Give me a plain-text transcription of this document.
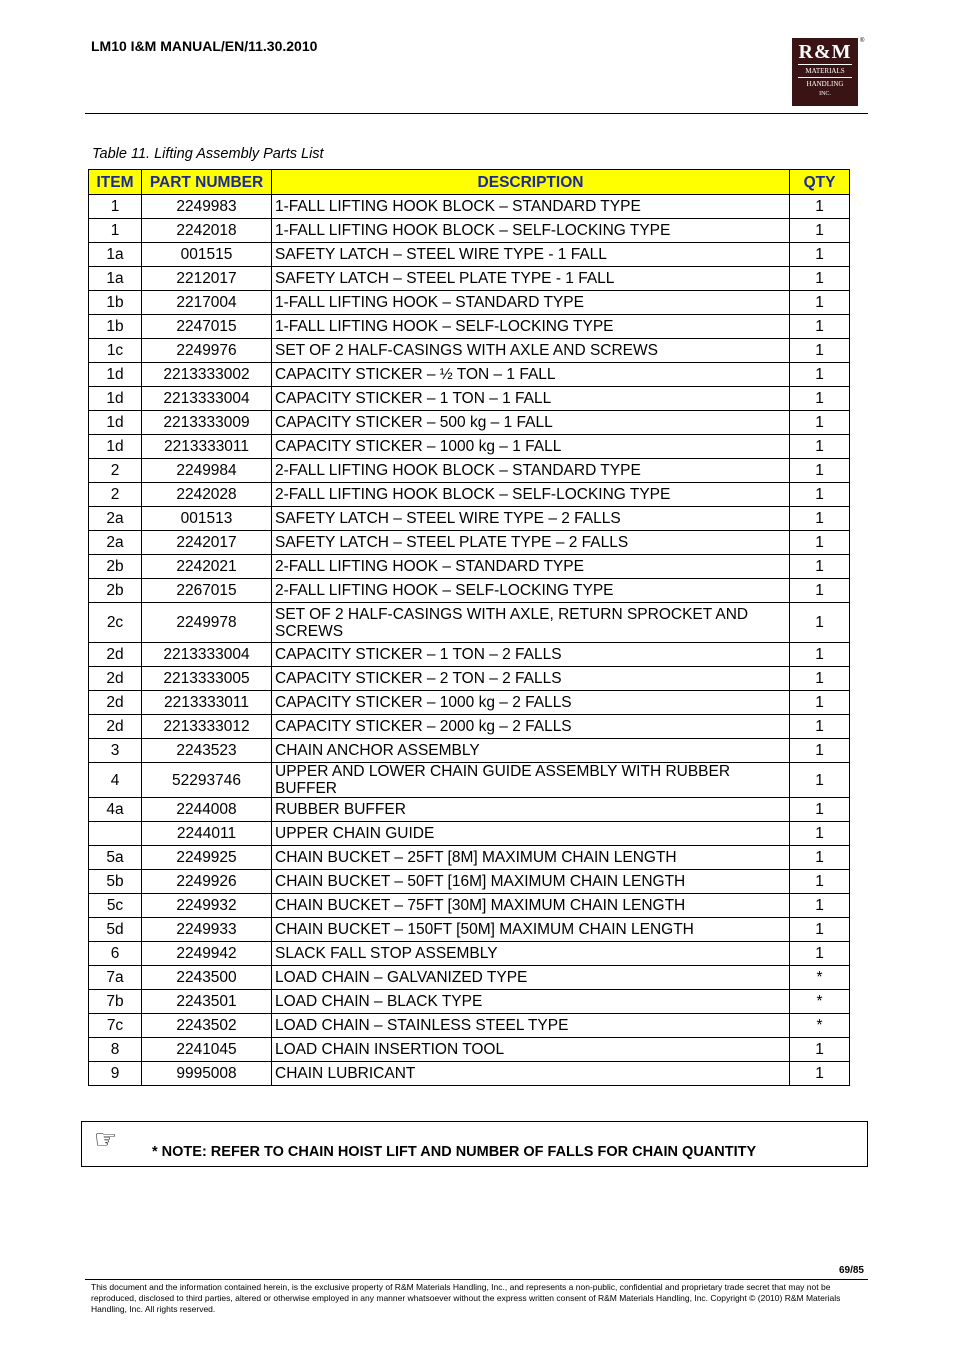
LM10 I&M MANUAL/EN/11.30.2010	R&M
MATERIALS
HANDLING
INC.
®
Table 11. Lifting Assembly Parts List
ITEM	PART NUMBER	DESCRIPTION	QTY
1	2249983	1-FALL LIFTING HOOK BLOCK – STANDARD TYPE	1
1	2242018	1-FALL LIFTING HOOK BLOCK – SELF-LOCKING TYPE	1
1a	001515	SAFETY LATCH – STEEL WIRE TYPE - 1 FALL	1
1a	2212017	SAFETY LATCH – STEEL PLATE TYPE - 1 FALL	1
1b	2217004	1-FALL LIFTING HOOK – STANDARD TYPE	1
1b	2247015	1-FALL LIFTING HOOK – SELF-LOCKING TYPE	1
1c	2249976	SET OF 2 HALF-CASINGS WITH AXLE AND SCREWS	1
1d	2213333002	CAPACITY STICKER – ½ TON – 1 FALL	1
1d	2213333004	CAPACITY STICKER – 1 TON – 1 FALL	1
1d	2213333009	CAPACITY STICKER – 500 kg – 1 FALL	1
1d	2213333011	CAPACITY STICKER – 1000 kg – 1 FALL	1
2	2249984	2-FALL LIFTING HOOK BLOCK – STANDARD TYPE	1
2	2242028	2-FALL LIFTING HOOK BLOCK – SELF-LOCKING TYPE	1
2a	001513	SAFETY LATCH – STEEL WIRE TYPE – 2 FALLS	1
2a	2242017	SAFETY LATCH – STEEL PLATE TYPE – 2 FALLS	1
2b	2242021	2-FALL LIFTING HOOK – STANDARD TYPE	1
2b	2267015	2-FALL LIFTING HOOK – SELF-LOCKING TYPE	1
2c	2249978	SET OF 2 HALF-CASINGS WITH AXLE, RETURN SPROCKET AND SCREWS	1
2d	2213333004	CAPACITY STICKER – 1 TON – 2 FALLS	1
2d	2213333005	CAPACITY STICKER – 2 TON – 2 FALLS	1
2d	2213333011	CAPACITY STICKER – 1000 kg – 2 FALLS	1
2d	2213333012	CAPACITY STICKER – 2000 kg – 2 FALLS	1
3	2243523	CHAIN ANCHOR ASSEMBLY	1
4	52293746	UPPER AND LOWER CHAIN GUIDE ASSEMBLY WITH RUBBER BUFFER	1
4a	2244008	RUBBER BUFFER	1
	2244011	UPPER CHAIN GUIDE	1
5a	2249925	CHAIN BUCKET – 25FT [8M] MAXIMUM CHAIN LENGTH	1
5b	2249926	CHAIN BUCKET – 50FT [16M] MAXIMUM CHAIN LENGTH	1
5c	2249932	CHAIN BUCKET – 75FT [30M] MAXIMUM CHAIN LENGTH	1
5d	2249933	CHAIN BUCKET – 150FT [50M] MAXIMUM CHAIN LENGTH	1
6	2249942	SLACK FALL STOP ASSEMBLY	1
7a	2243500	LOAD CHAIN – GALVANIZED TYPE	*
7b	2243501	LOAD CHAIN – BLACK TYPE	*
7c	2243502	LOAD CHAIN – STAINLESS STEEL TYPE	*
8	2241045	LOAD CHAIN INSERTION TOOL	1
9	9995008	CHAIN LUBRICANT	1
☞ * NOTE: REFER TO CHAIN HOIST LIFT AND NUMBER OF FALLS FOR CHAIN QUANTITY
69/85
This document and the information contained herein, is the exclusive property of R&M Materials Handling, Inc., and represents a non-public, confidential and proprietary trade secret that may not be reproduced, disclosed to third parties, altered or otherwise employed in any manner whatsoever without the express written consent of R&M Materials Handling, Inc. Copyright © (2010) R&M Materials Handling, Inc. All rights reserved.
